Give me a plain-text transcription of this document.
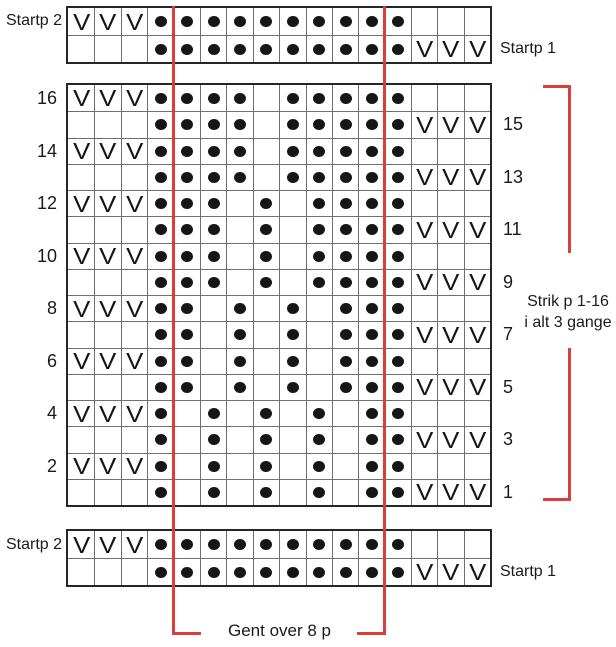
Startp 2
Startp 1
Startp 2
Startp 1
V V V
V V V
V V V
V V V
V V V
V V V
V V V
V V V
V V V
V V V
V V V
V V V
V V V
V V V
V V V
V V V
V V V
V V V
V V V
V V V
16
14
12
10
8
6
4
2
15
13
11
9
7
5
3
1
Strik p 1-16
i alt 3 gange
Gent over 8 p
